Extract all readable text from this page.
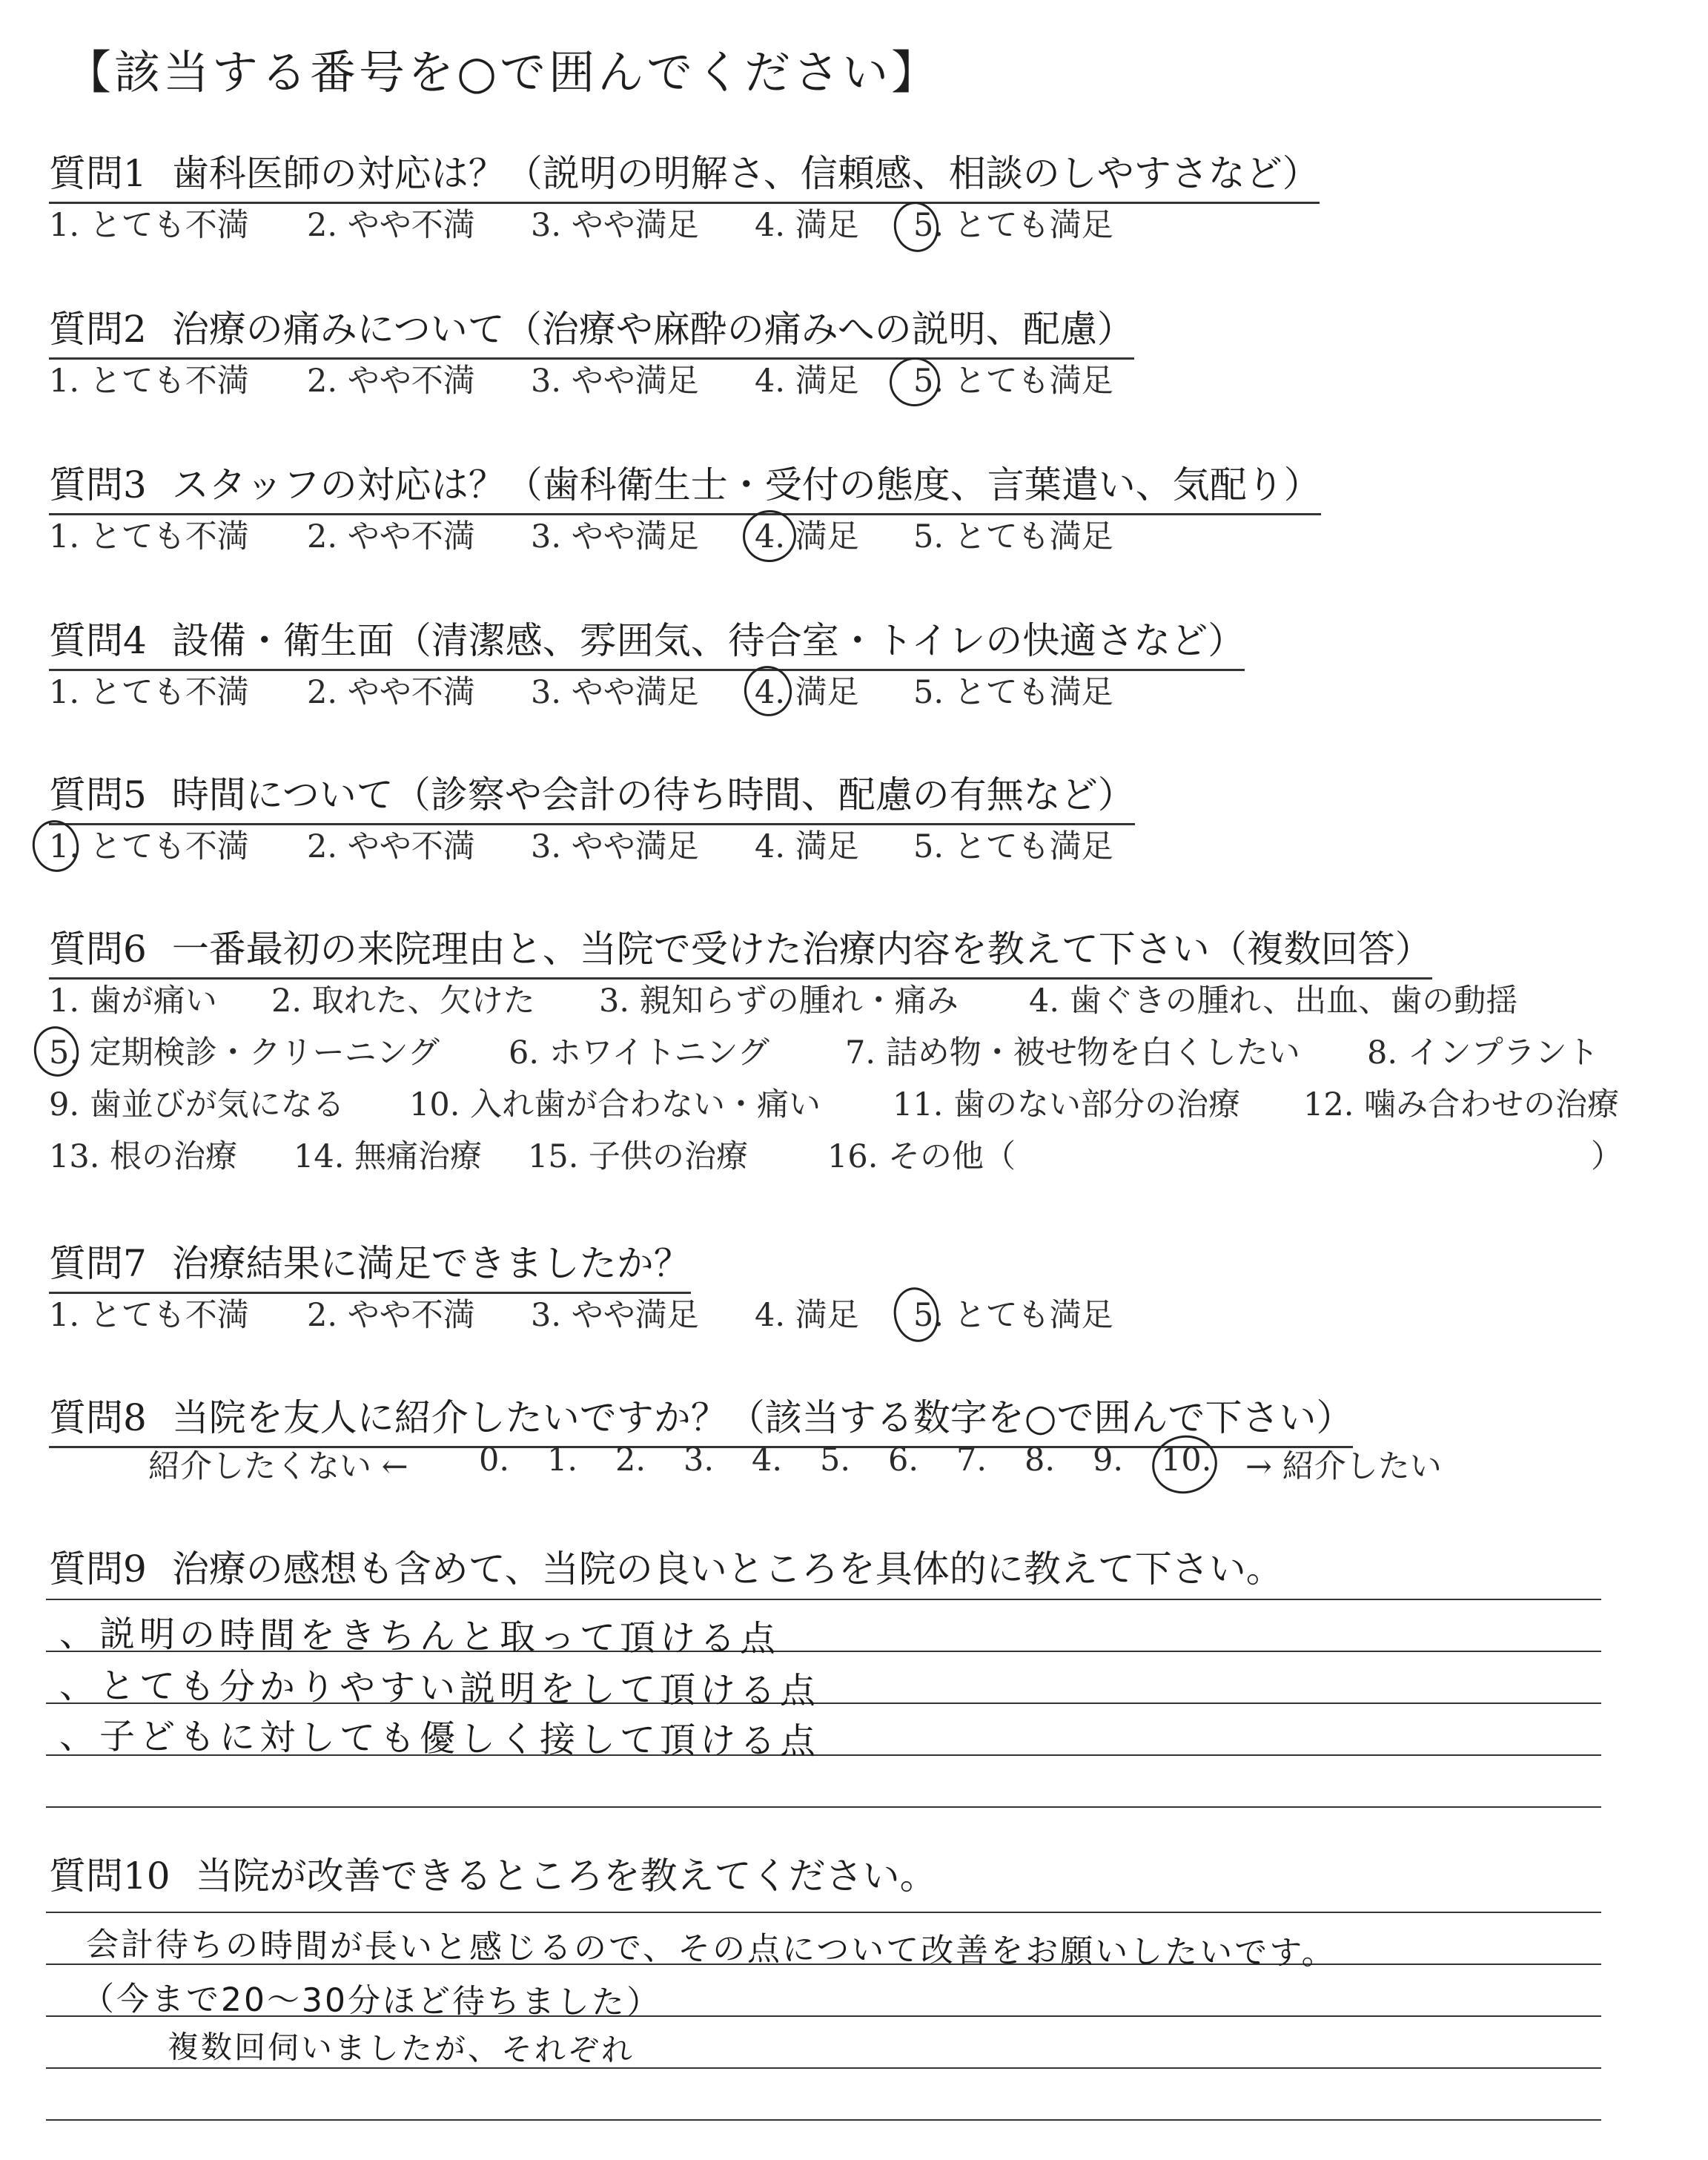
【該当する番号を○で囲んでください】
質問1 歯科医師の対応は？（説明の明解さ、信頼感、相談のしやすさなど）
1. とても不満 2. やや不満 3. やや満足 4. 満足 5. とても満足
質問2 治療の痛みについて（治療や麻酔の痛みへの説明、配慮）
1. とても不満 2. やや不満 3. やや満足 4. 満足 5. とても満足
質問3 スタッフの対応は？（歯科衛生士・受付の態度、言葉遣い、気配り）
1. とても不満 2. やや不満 3. やや満足 4. 満足 5. とても満足
質問4 設備・衛生面（清潔感、雰囲気、待合室・トイレの快適さなど）
1. とても不満 2. やや不満 3. やや満足 4. 満足 5. とても満足
質問5 時間について（診察や会計の待ち時間、配慮の有無など）
1. とても不満 2. やや不満 3. やや満足 4. 満足 5. とても満足
質問6 一番最初の来院理由と、当院で受けた治療内容を教えて下さい（複数回答）
1. 歯が痛い 2. 取れた、欠けた 3. 親知らずの腫れ・痛み 4. 歯ぐきの腫れ、出血、歯の動揺
5. 定期検診・クリーニング 6. ホワイトニング 7. 詰め物・被せ物を白くしたい 8. インプラント
9. 歯並びが気になる 10. 入れ歯が合わない・痛い 11. 歯のない部分の治療 12. 噛み合わせの治療
13. 根の治療 14. 無痛治療 15. 子供の治療 16. その他（	）
質問7 治療結果に満足できましたか？
1. とても不満 2. やや不満 3. やや満足 4. 満足 5. とても満足
質問8 当院を友人に紹介したいですか？（該当する数字を○で囲んで下さい）
紹介したくない ← 0. 1. 2. 3. 4. 5. 6. 7. 8. 9. 10. → 紹介したい
質問9 治療の感想も含めて、当院の良いところを具体的に教えて下さい。
、説明の時間をきちんと取って頂ける点
、とても分かりやすい説明をして頂ける点
、子どもに対しても優しく接して頂ける点
質問10 当院が改善できるところを教えてください。
会計待ちの時間が長いと感じるので、その点について改善をお願いしたいです。
（今まで20〜30分ほど待ちました）
複数回伺いましたが、それぞれ
